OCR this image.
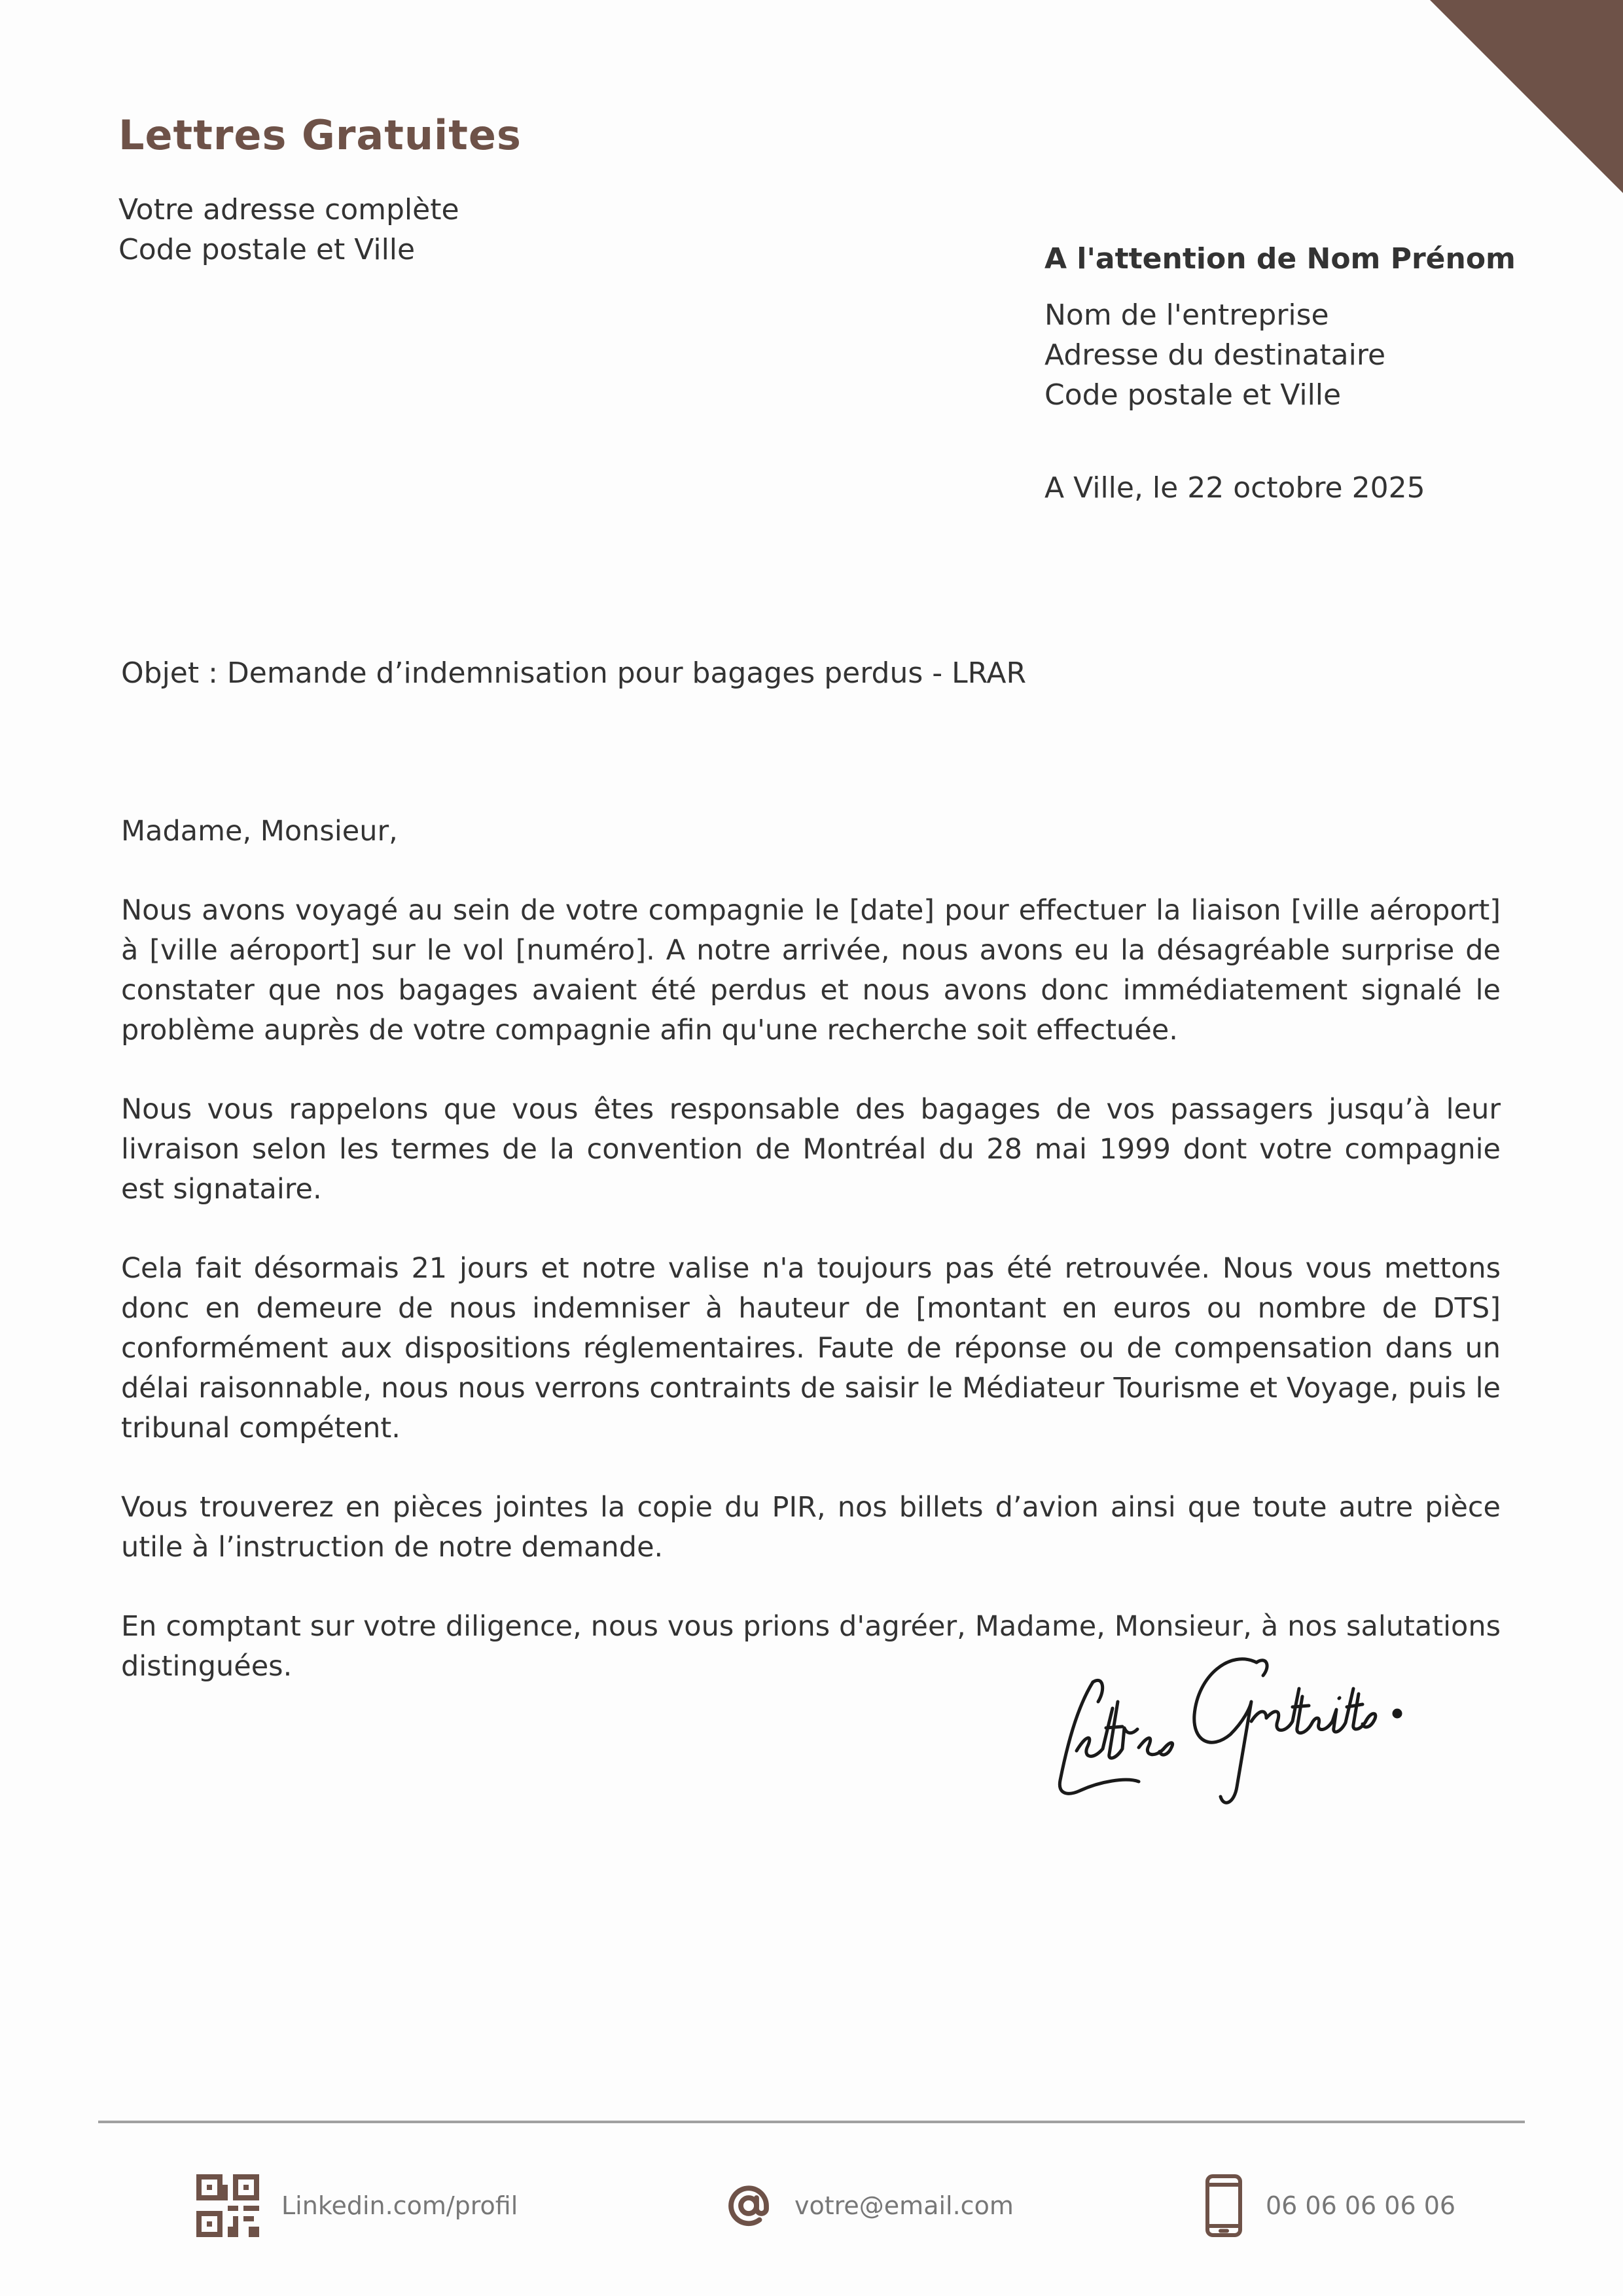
Lettres Gratuites
Votre adresse complète
Code postale et Ville	A l'attention de Nom Prénom
Nom de l'entreprise
Adresse du destinataire
Code postale et Ville
A Ville, le 22 octobre 2025
Objet : Demande d’indemnisation pour bagages perdus - LRAR

Madame, Monsieur,

Nous avons voyagé au sein de votre compagnie le [date] pour effectuer la liaison [ville aéroport] à [ville aéroport] sur le vol [numéro]. A notre arrivée, nous avons eu la désagréable surprise de constater que nos bagages avaient été perdus et nous avons donc immédiatement signalé le problème auprès de votre compagnie afin qu'une recherche soit effectuée.

Nous vous rappelons que vous êtes responsable des bagages de vos passagers jusqu’à leur livraison selon les termes de la convention de Montréal du 28 mai 1999 dont votre compagnie est signataire.

Cela fait désormais 21 jours et notre valise n'a toujours pas été retrouvée. Nous vous mettons donc en demeure de nous indemniser à hauteur de [montant en euros ou nombre de DTS] conformément aux dispositions réglementaires. Faute de réponse ou de compensation dans un délai raisonnable, nous nous verrons contraints de saisir le Médiateur Tourisme et Voyage, puis le tribunal compétent.

Vous trouverez en pièces jointes la copie du PIR, nos billets d’avion ainsi que toute autre pièce utile à l’instruction de notre demande.

En comptant sur votre diligence, nous vous prions d'agréer, Madame, Monsieur, à nos salutations distinguées.

Linkedin.com/profil	votre@email.com	06 06 06 06 06
